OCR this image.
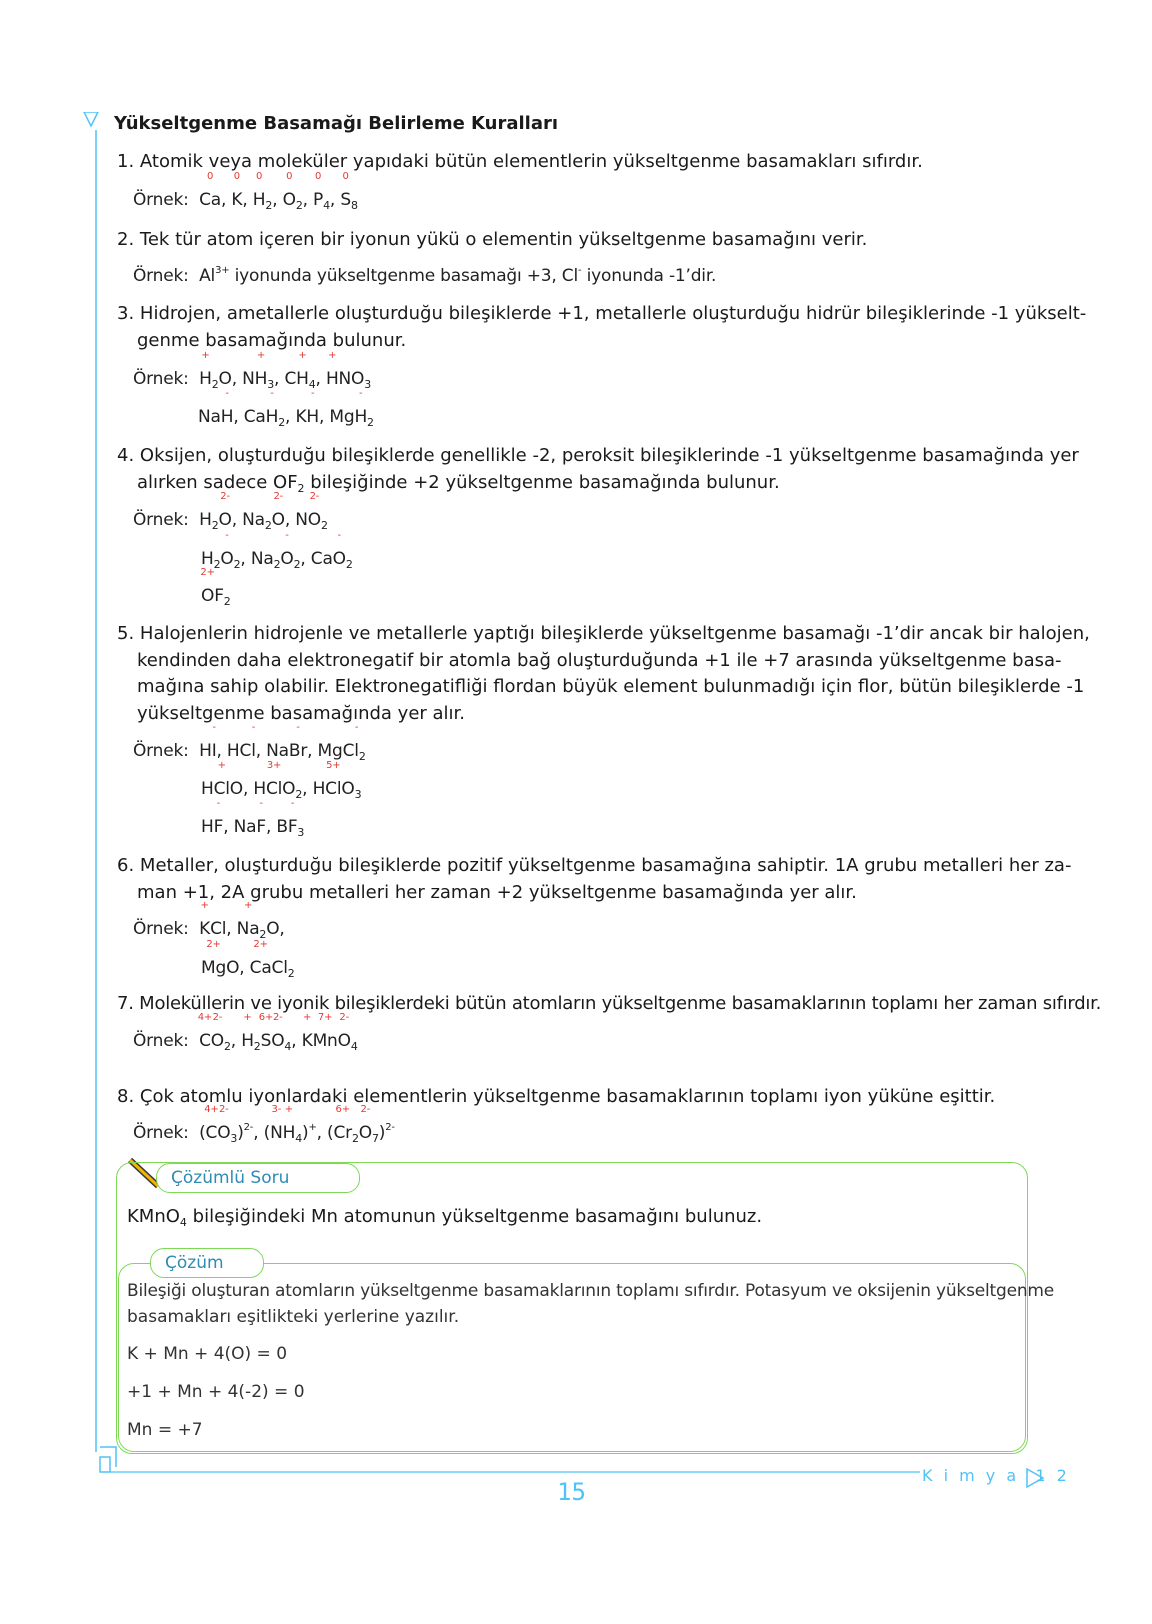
Yükseltgenme Basamağı Belirleme Kuralları
1. Atomik veya moleküler yapıdaki bütün elementlerin yükseltgenme basamakları sıfırdır.
Örnek: Ca
0
, K
0
, H
0
$_2$, O
0
$_2$, P
0
$_4$, S
0
$_8$
2. Tek tür atom içeren bir iyonun yükü o elementin yükseltgenme basamağını verir.
Örnek: $Al^{3+}$ iyonunda yükseltgenme basamağı +3, Cl- iyonunda -1’dir.
3. Hidrojen, ametallerle oluşturduğu bileşiklerde +1, metallerle oluşturduğu hidrür bileşiklerinde -1 yükselt-
genme basamağında bulunur.
Örnek: H
+
$_2$O, NH
+
$_3$, CH
+
$_4$, H
+
$NO_3$
NaH
-
, CaH
-
$_2$, KH
-
, MgH
-
$_2$
4. Oksijen, oluşturduğu bileşiklerde genellikle -2, peroksit bileşiklerinde -1 yükseltgenme basamağında yer
alırken sadece $OF_2$ bileşiğinde +2 yükseltgenme basamağında bulunur.
Örnek:  $H_2O$
2-
, $Na_2O$
2-
, NO
2-
$_2$
$H_2O$
-
$_2$, $Na_2O$
-
$_2$, CaO
-
$_2$
O
2+
$F_2$
5. Halojenlerin hidrojenle ve metallerle yaptığı bileşiklerde yükseltgenme basamağı -1’dir ancak bir halojen,
kendinden daha elektronegatif bir atomla bağ oluşturduğunda +1 ile +7 arasında yükseltgenme basa-
mağına sahip olabilir. Elektronegatifliği flordan büyük element bulunmadığı için flor, bütün bileşiklerde -1
yükseltgenme basamağında yer alır.
Örnek:  HI
-
, HCl
-
, NaBr
-
, MgCl
-
$_2$
HCl
+
O, HCl
3+
$O_2$, HCl
5+
$O_3$
HF
-
, NaF
-
, BF
-
$_3$
6. Metaller, oluşturduğu bileşiklerde pozitif yükseltgenme basamağına sahiptir. 1A grubu metalleri her za-
man +1, 2A grubu metalleri her zaman +2 yükseltgenme basamağında yer alır.
Örnek: K
+
Cl, Na
+
$_2$O,
Mg
2+
O, Ca
2+
$Cl_2$
7. Moleküllerin ve iyonik bileşiklerdeki bütün atomların yükseltgenme basamaklarının toplamı her zaman sıfırdır.
Örnek: C
4+
O
2-
$_2$, H
+
$_2$S
6+
O
2-
$_4$, K
+
Mn
7+
O
2-
$_4$
8. Çok atomlu iyonlardaki elementlerin yükseltgenme basamaklarının toplamı iyon yüküne eşittir.
Örnek:  (C
4+
O
2-
$_3$)$^{2-}$, (N
3-
H
+
$_4$)+, (Cr
6+
$_2$O
2-
$_7$)$^{2-}$
Çözümlü Soru
KMnO$_4$ bileşiğindeki Mn atomunun yükseltgenme basamağını bulunuz.
Çözüm
Bileşiği oluşturan atomların yükseltgenme basamaklarının toplamı sıfırdır. Potasyum ve oksijenin yükseltgenme
basamakları eşitlikteki yerlerine yazılır.
K + Mn + 4(O) = 0
+1 + Mn + 4(-2) = 0
Mn = +7
15
K i m y a  1 2
